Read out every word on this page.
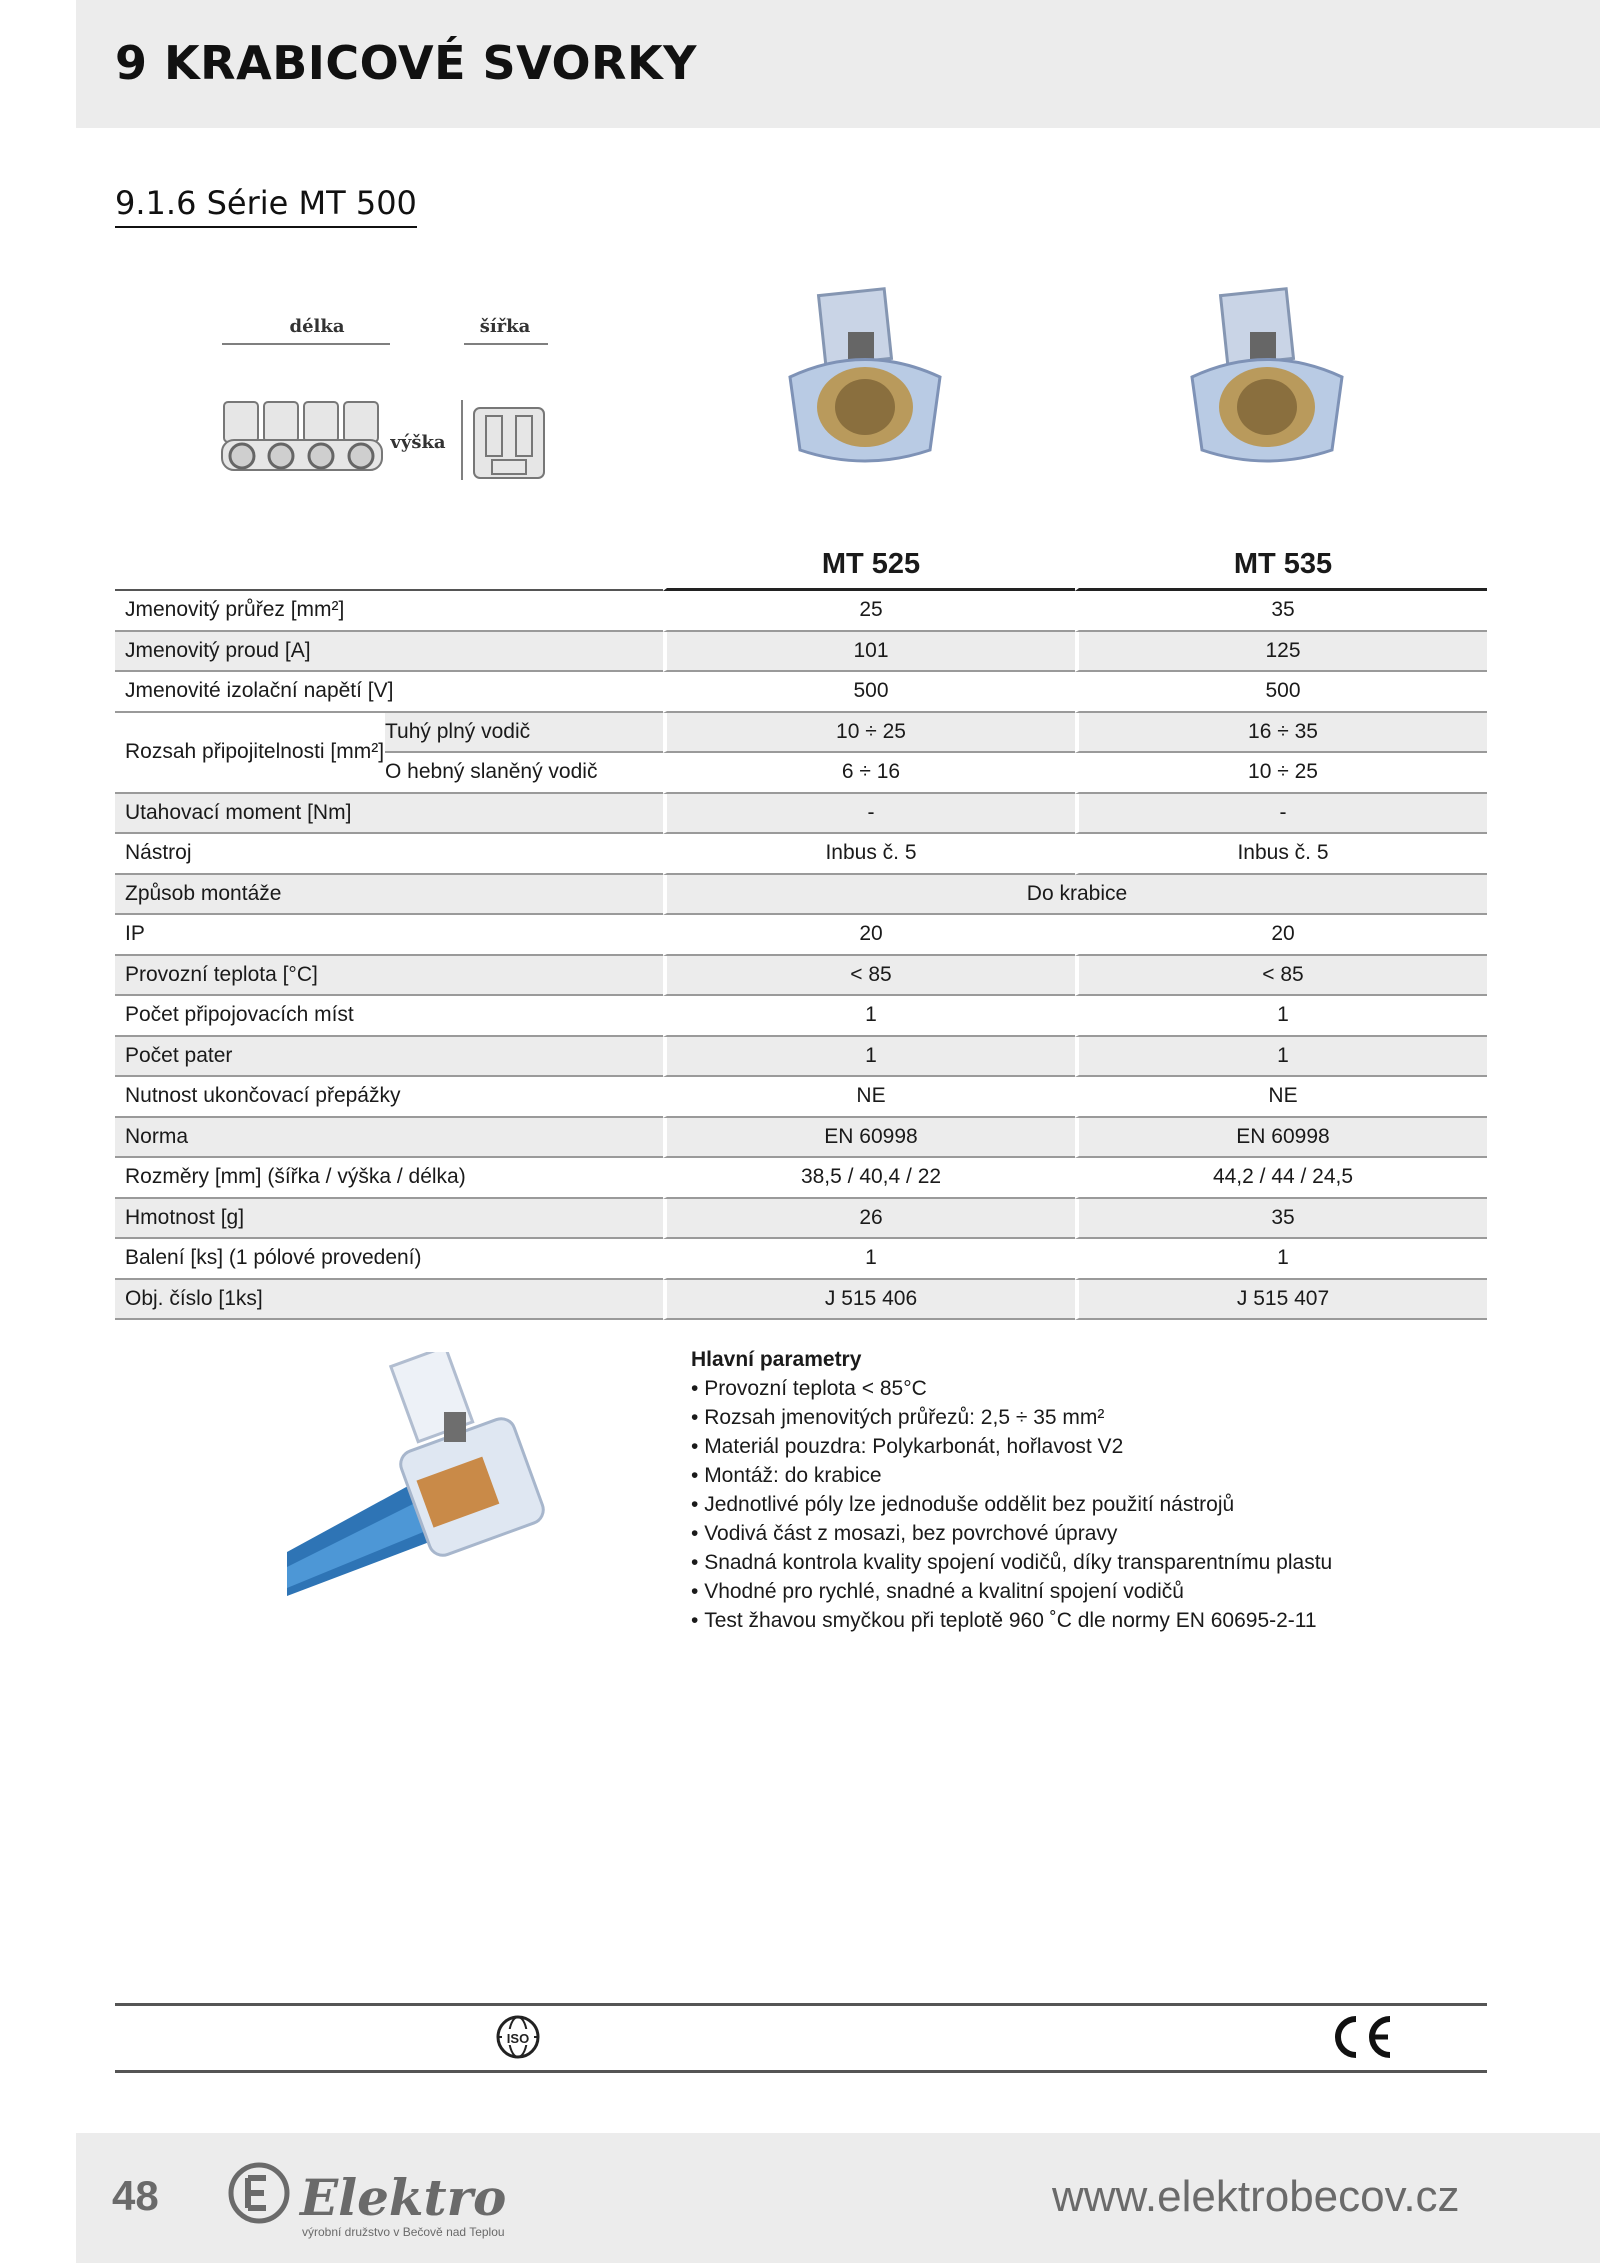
9 KRABICOVÉ SVORKY
9.1.6 Série MT 500
délka	šířka
výška
		MT 525	MT 535
Jmenovitý průřez [mm²]		25	35
Jmenovitý proud [A]		101	125
Jmenovité izolační napětí [V]		500	500
Rozsah připojitelnosti [mm²]	Tuhý plný vodič	10 ÷ 25	16 ÷ 35
	O hebný slaněný vodič	6 ÷ 16	10 ÷ 25
Utahovací moment [Nm]		-	-
Nástroj		Inbus č. 5	Inbus č. 5
Způsob montáže		Do krabice	
IP		20	20
Provozní teplota [°C]		< 85	< 85
Počet připojovacích míst		1	1
Počet pater		1	1
Nutnost ukončovací přepážky		NE	NE
Norma		EN 60998	EN 60998
Rozměry [mm] (šířka / výška / délka)		38,5 / 40,4 / 22	44,2 / 44 / 24,5
Hmotnost [g]		26	35
Balení [ks] (1 pólové provedení)		1	1
Obj. číslo [1ks]		J 515 406	J 515 407
Hlavní parametry
• Provozní teplota < 85°C
• Rozsah jmenovitých průřezů: 2,5 ÷ 35 mm²
• Materiál pouzdra: Polykarbonát, hořlavost V2
• Montáž: do krabice
• Jednotlivé póly lze jednoduše oddělit bez použití nástrojů
• Vodivá část z mosazi, bez povrchové úpravy
• Snadná kontrola kvality spojení vodičů, díky transparentnímu plastu
• Vhodné pro rychlé, snadné a kvalitní spojení vodičů
• Test žhavou smyčkou při teplotě 960 ˚C dle normy EN 60695-2-11
ISO
48	Elektro
výrobní družstvo v Bečově nad Teplou
www.elektrobecov.cz
